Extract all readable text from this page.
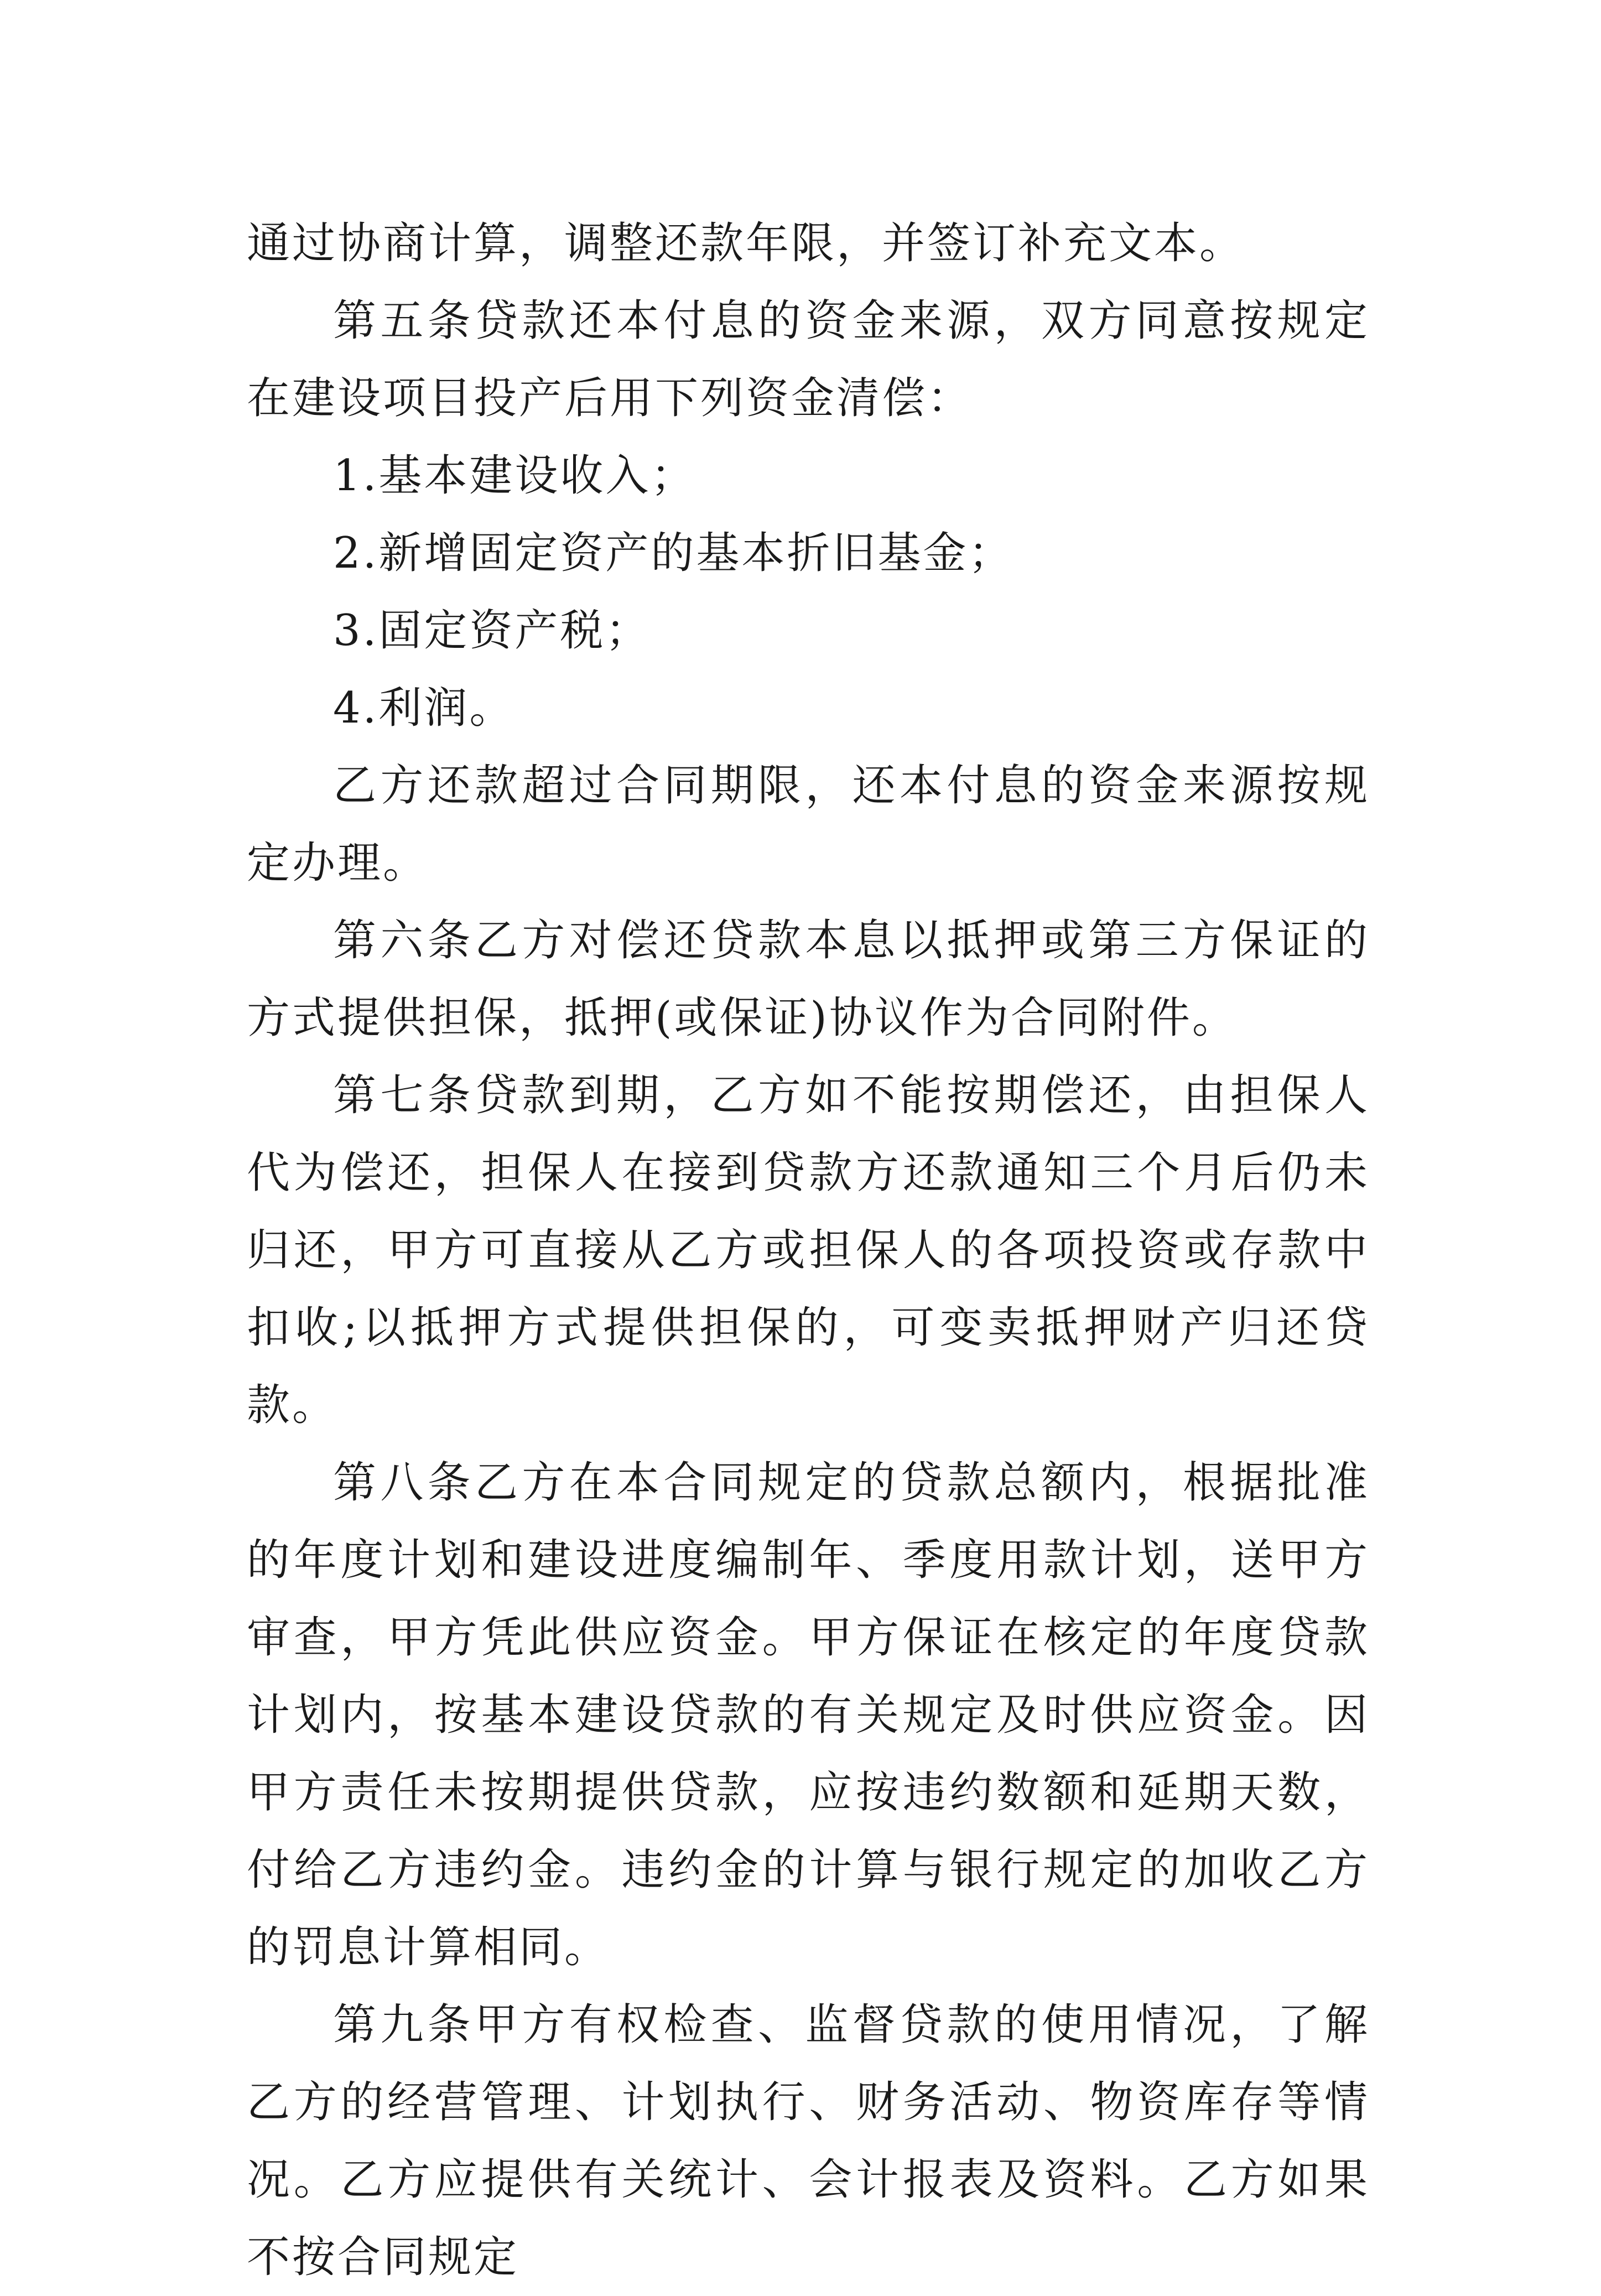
通过协商计算，调整还款年限，并签订补充文本。

第五条贷款还本付息的资金来源，双方同意按规定在建设项目投产后用下列资金清偿：

1.基本建设收入；

2.新增固定资产的基本折旧基金；

3.固定资产税；

4.利润。

乙方还款超过合同期限，还本付息的资金来源按规定办理。

第六条乙方对偿还贷款本息以抵押或第三方保证的方式提供担保，抵押(或保证)协议作为合同附件。

第七条贷款到期，乙方如不能按期偿还，由担保人代为偿还，担保人在接到贷款方还款通知三个月后仍未归还，甲方可直接从乙方或担保人的各项投资或存款中扣收;以抵押方式提供担保的，可变卖抵押财产归还贷款。

第八条乙方在本合同规定的贷款总额内，根据批准的年度计划和建设进度编制年、季度用款计划，送甲方审查，甲方凭此供应资金。甲方保证在核定的年度贷款计划内，按基本建设贷款的有关规定及时供应资金。因甲方责任未按期提供贷款，应按违约数额和延期天数，付给乙方违约金。违约金的计算与银行规定的加收乙方的罚息计算相同。

第九条甲方有权检查、监督贷款的使用情况，了解乙方的经营管理、计划执行、财务活动、物资库存等情况。乙方应提供有关统计、会计报表及资料。乙方如果不按合同规定
